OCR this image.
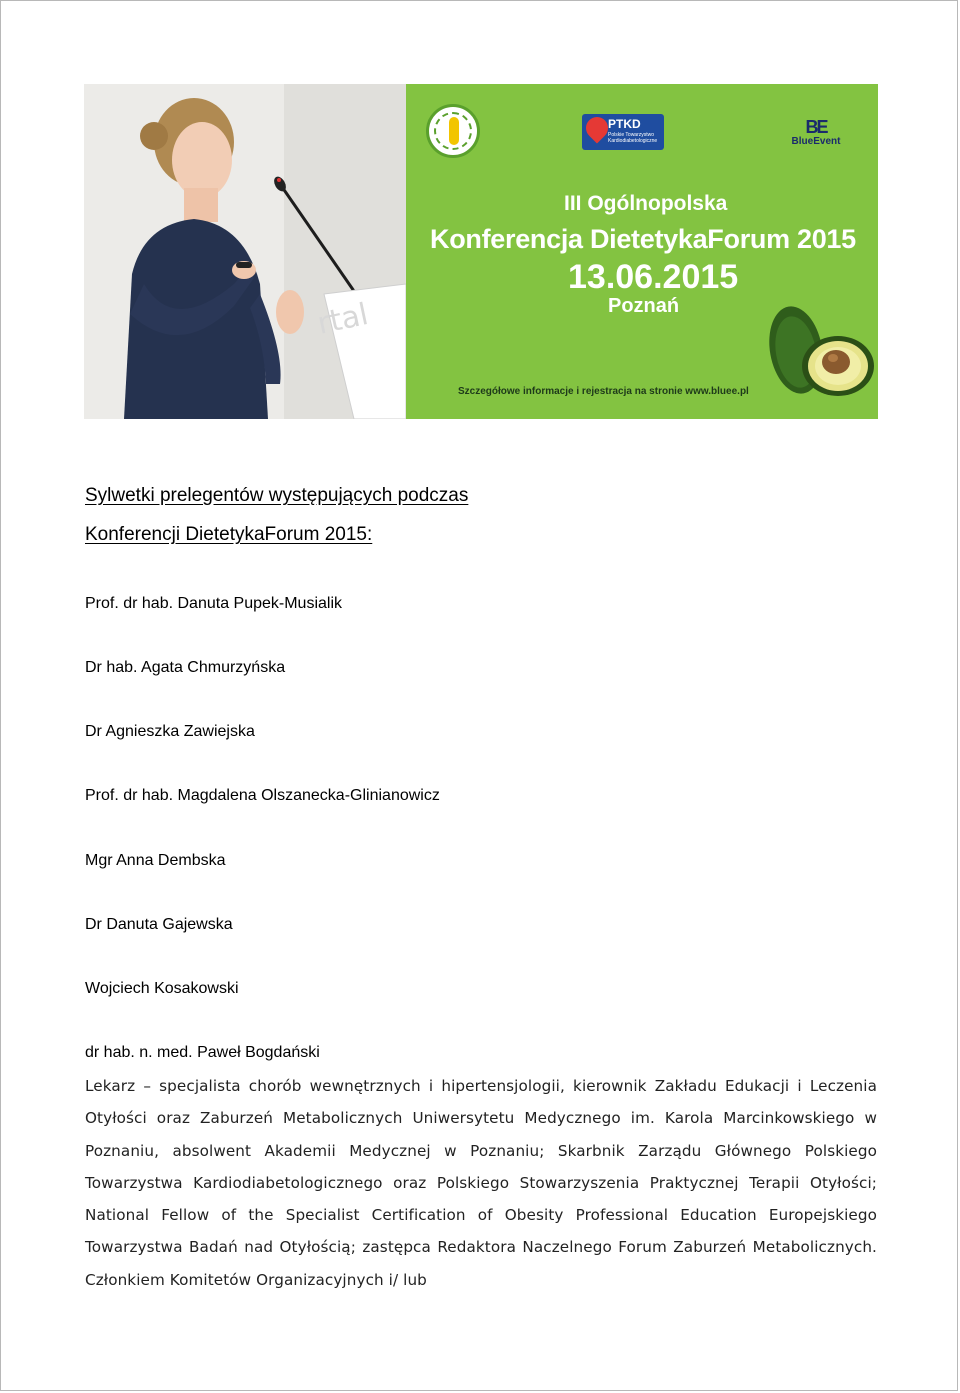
rtal
PTKD
Polskie Towarzystwo Kardiodiabetologiczne
BE
BlueEvent
III Ogólnopolska
Konferencja DietetykaForum 2015
13.06.2015
Poznań
Szczegółowe informacje i rejestracja na stronie www.bluee.pl
Sylwetki prelegentów występujących podczas
Konferencji DietetykaForum 2015:
Prof. dr hab. Danuta Pupek-Musialik
Dr hab. Agata Chmurzyńska
Dr Agnieszka Zawiejska
Prof. dr hab. Magdalena Olszanecka-Glinianowicz
Mgr Anna Dembska
Dr Danuta Gajewska
Wojciech Kosakowski
dr hab. n. med. Paweł Bogdański
Lekarz – specjalista chorób wewnętrznych i hipertensjologii, kierownik Zakładu Edukacji i Leczenia Otyłości oraz Zaburzeń Metabolicznych Uniwersytetu Medycznego im. Karola Marcinkowskiego w Poznaniu, absolwent Akademii Medycznej w Poznaniu; Skarbnik Zarządu Głównego Polskiego Towarzystwa Kardiodiabetologicznego oraz Polskiego Stowarzyszenia Praktycznej Terapii Otyłości; National Fellow of the Specialist Certification of Obesity Professional Education Europejskiego Towarzystwa Badań nad Otyłością; zastępca Redaktora Naczelnego Forum Zaburzeń Metabolicznych. Członkiem Komitetów Organizacyjnych i/ lub
